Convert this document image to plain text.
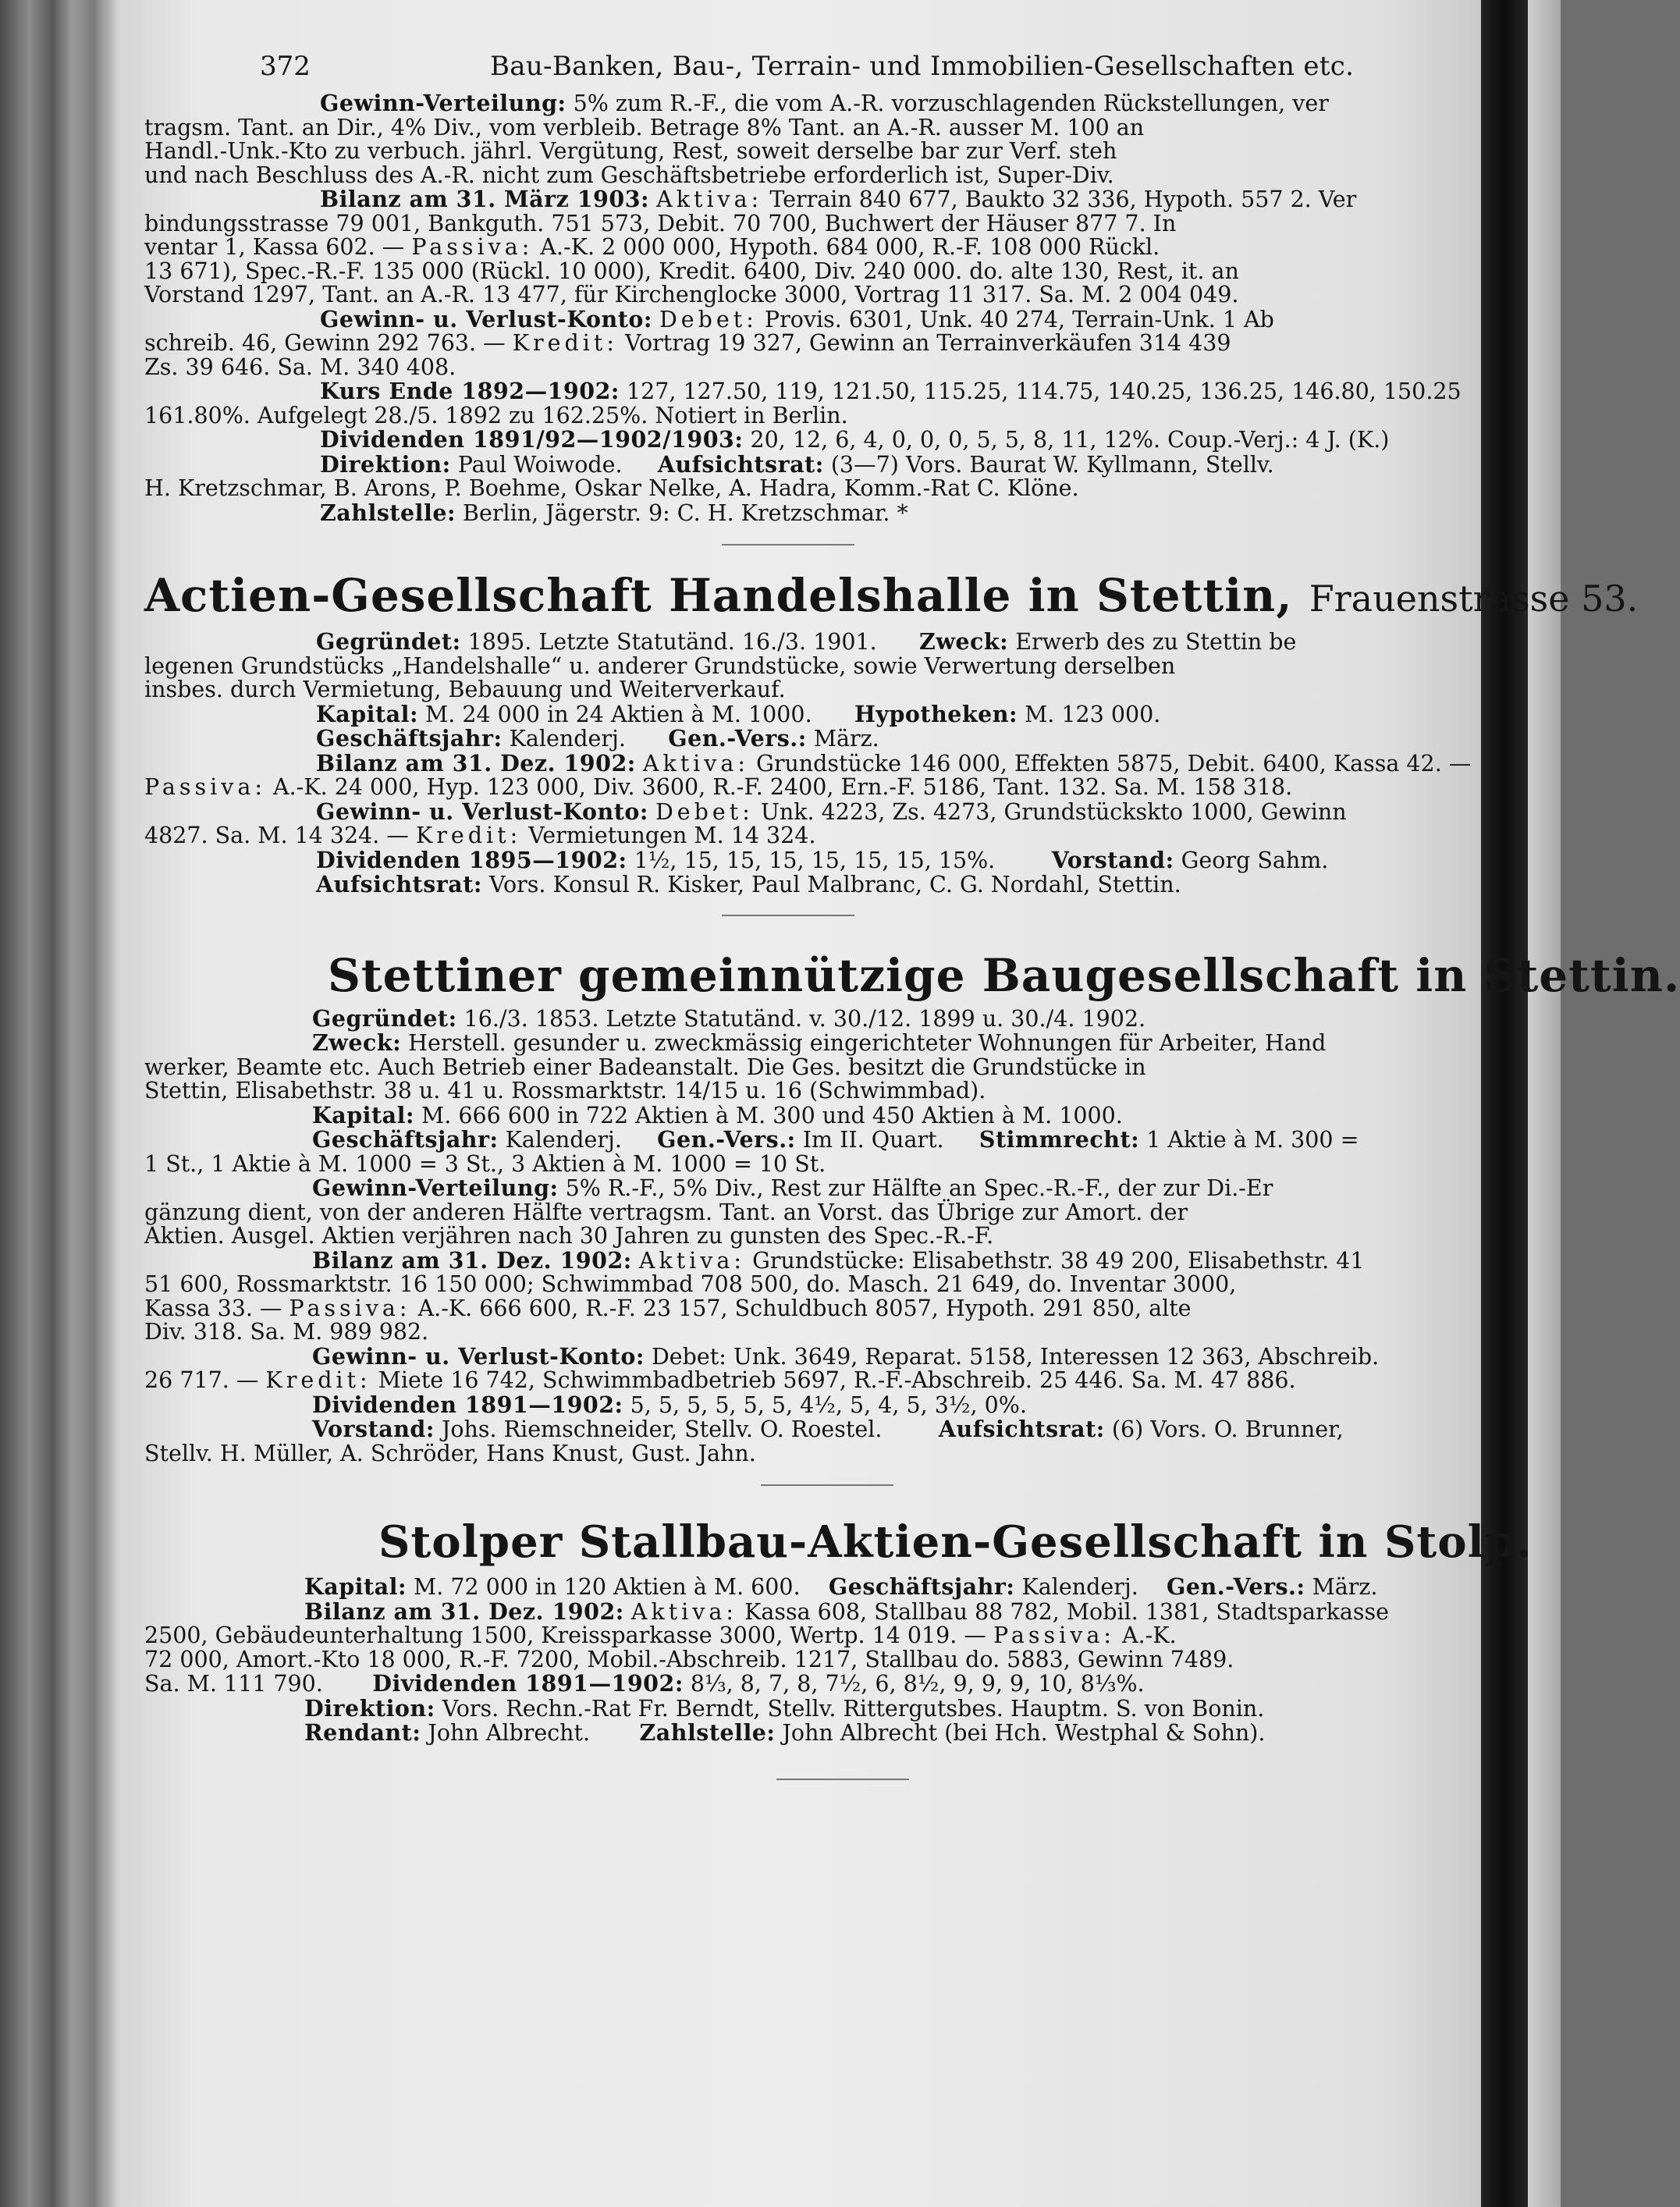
372	Bau-Banken, Bau-, Terrain- und Immobilien-Gesellschaften etc.

Gewinn-Verteilung: 5% zum R.-F., die vom A.-R. vorzuschlagenden Rückstellungen, ver

tragsm. Tant. an Dir., 4% Div., vom verbleib. Betrage 8% Tant. an A.-R. ausser M. 100 an

Handl.-Unk.-Kto zu verbuch. jährl. Vergütung, Rest, soweit derselbe bar zur Verf. steh

und nach Beschluss des A.-R. nicht zum Geschäftsbetriebe erforderlich ist, Super-Div.

Bilanz am 31. März 1903: Aktiva: Terrain 840 677, Baukto 32 336, Hypoth. 557 2. Ver

bindungsstrasse 79 001, Bankguth. 751 573, Debit. 70 700, Buchwert der Häuser 877 7. In

ventar 1, Kassa 602. — Passiva: A.-K. 2 000 000, Hypoth. 684 000, R.-F. 108 000 Rückl.

13 671), Spec.-R.-F. 135 000 (Rückl. 10 000), Kredit. 6400, Div. 240 000. do. alte 130, Rest, it. an

Vorstand 1297, Tant. an A.-R. 13 477, für Kirchenglocke 3000, Vortrag 11 317. Sa. M. 2 004 049.

Gewinn- u. Verlust-Konto: Debet: Provis. 6301, Unk. 40 274, Terrain-Unk. 1 Ab

schreib. 46, Gewinn 292 763. — Kredit: Vortrag 19 327, Gewinn an Terrainverkäufen 314 439

Zs. 39 646. Sa. M. 340 408.

Kurs Ende 1892—1902: 127, 127.50, 119, 121.50, 115.25, 114.75, 140.25, 136.25, 146.80, 150.25

161.80%. Aufgelegt 28./5. 1892 zu 162.25%. Notiert in Berlin.

Dividenden 1891/92—1902/1903: 20, 12, 6, 4, 0, 0, 0, 5, 5, 8, 11, 12%. Coup.-Verj.: 4 J. (K.)

Direktion: Paul Woiwode. Aufsichtsrat: (3—7) Vors. Baurat W. Kyllmann, Stellv.

H. Kretzschmar, B. Arons, P. Boehme, Oskar Nelke, A. Hadra, Komm.-Rat C. Klöne.

Zahlstelle: Berlin, Jägerstr. 9: C. H. Kretzschmar. *

Actien-Gesellschaft Handelshalle in Stettin, Frauenstrasse 53.

Gegründet: 1895. Letzte Statutänd. 16./3. 1901. Zweck: Erwerb des zu Stettin be

legenen Grundstücks „Handelshalle“ u. anderer Grundstücke, sowie Verwertung derselben

insbes. durch Vermietung, Bebauung und Weiterverkauf.

Kapital: M. 24 000 in 24 Aktien à M. 1000. Hypotheken: M. 123 000.

Geschäftsjahr: Kalenderj. Gen.-Vers.: März.

Bilanz am 31. Dez. 1902: Aktiva: Grundstücke 146 000, Effekten 5875, Debit. 6400, Kassa 42. —

Passiva: A.-K. 24 000, Hyp. 123 000, Div. 3600, R.-F. 2400, Ern.-F. 5186, Tant. 132. Sa. M. 158 318.

Gewinn- u. Verlust-Konto: Debet: Unk. 4223, Zs. 4273, Grundstückskto 1000, Gewinn

4827. Sa. M. 14 324. — Kredit: Vermietungen M. 14 324.

Dividenden 1895—1902: 1½, 15, 15, 15, 15, 15, 15, 15%.	Vorstand: Georg Sahm.

Aufsichtsrat: Vors. Konsul R. Kisker, Paul Malbranc, C. G. Nordahl, Stettin.

Stettiner gemeinnützige Baugesellschaft in Stettin.

Gegründet: 16./3. 1853. Letzte Statutänd. v. 30./12. 1899 u. 30./4. 1902.

Zweck: Herstell. gesunder u. zweckmässig eingerichteter Wohnungen für Arbeiter, Hand

werker, Beamte etc. Auch Betrieb einer Badeanstalt. Die Ges. besitzt die Grundstücke in

Stettin, Elisabethstr. 38 u. 41 u. Rossmarktstr. 14/15 u. 16 (Schwimmbad).

Kapital: M. 666 600 in 722 Aktien à M. 300 und 450 Aktien à M. 1000.

Geschäftsjahr: Kalenderj. Gen.-Vers.: Im II. Quart. Stimmrecht: 1 Aktie à M. 300 =

1 St., 1 Aktie à M. 1000 = 3 St., 3 Aktien à M. 1000 = 10 St.

Gewinn-Verteilung: 5% R.-F., 5% Div., Rest zur Hälfte an Spec.-R.-F., der zur Di.-Er

gänzung dient, von der anderen Hälfte vertragsm. Tant. an Vorst. das Übrige zur Amort. der

Aktien. Ausgel. Aktien verjähren nach 30 Jahren zu gunsten des Spec.-R.-F.

Bilanz am 31. Dez. 1902: Aktiva: Grundstücke: Elisabethstr. 38 49 200, Elisabethstr. 41

51 600, Rossmarktstr. 16 150 000; Schwimmbad 708 500, do. Masch. 21 649, do. Inventar 3000,

Kassa 33. — Passiva: A.-K. 666 600, R.-F. 23 157, Schuldbuch 8057, Hypoth. 291 850, alte

Div. 318. Sa. M. 989 982.

Gewinn- u. Verlust-Konto: Debet: Unk. 3649, Reparat. 5158, Interessen 12 363, Abschreib.

26 717. — Kredit: Miete 16 742, Schwimmbadbetrieb 5697, R.-F.-Abschreib. 25 446. Sa. M. 47 886.

Dividenden 1891—1902: 5, 5, 5, 5, 5, 5, 4½, 5, 4, 5, 3½, 0%.

Vorstand: Johs. Riemschneider, Stellv. O. Roestel.	Aufsichtsrat: (6) Vors. O. Brunner,

Stellv. H. Müller, A. Schröder, Hans Knust, Gust. Jahn.

Stolper Stallbau-Aktien-Gesellschaft in Stolp.

Kapital: M. 72 000 in 120 Aktien à M. 600. Geschäftsjahr: Kalenderj. Gen.-Vers.: März.

Bilanz am 31. Dez. 1902: Aktiva: Kassa 608, Stallbau 88 782, Mobil. 1381, Stadtsparkasse

2500, Gebäudeunterhaltung 1500, Kreissparkasse 3000, Wertp. 14 019. — Passiva: A.-K.

72 000, Amort.-Kto 18 000, R.-F. 7200, Mobil.-Abschreib. 1217, Stallbau do. 5883, Gewinn 7489.

Sa. M. 111 790. Dividenden 1891—1902: 8⅓, 8, 7, 8, 7½, 6, 8½, 9, 9, 9, 10, 8⅓%.

Direktion: Vors. Rechn.-Rat Fr. Berndt, Stellv. Rittergutsbes. Hauptm. S. von Bonin.

Rendant: John Albrecht. Zahlstelle: John Albrecht (bei Hch. Westphal & Sohn).
